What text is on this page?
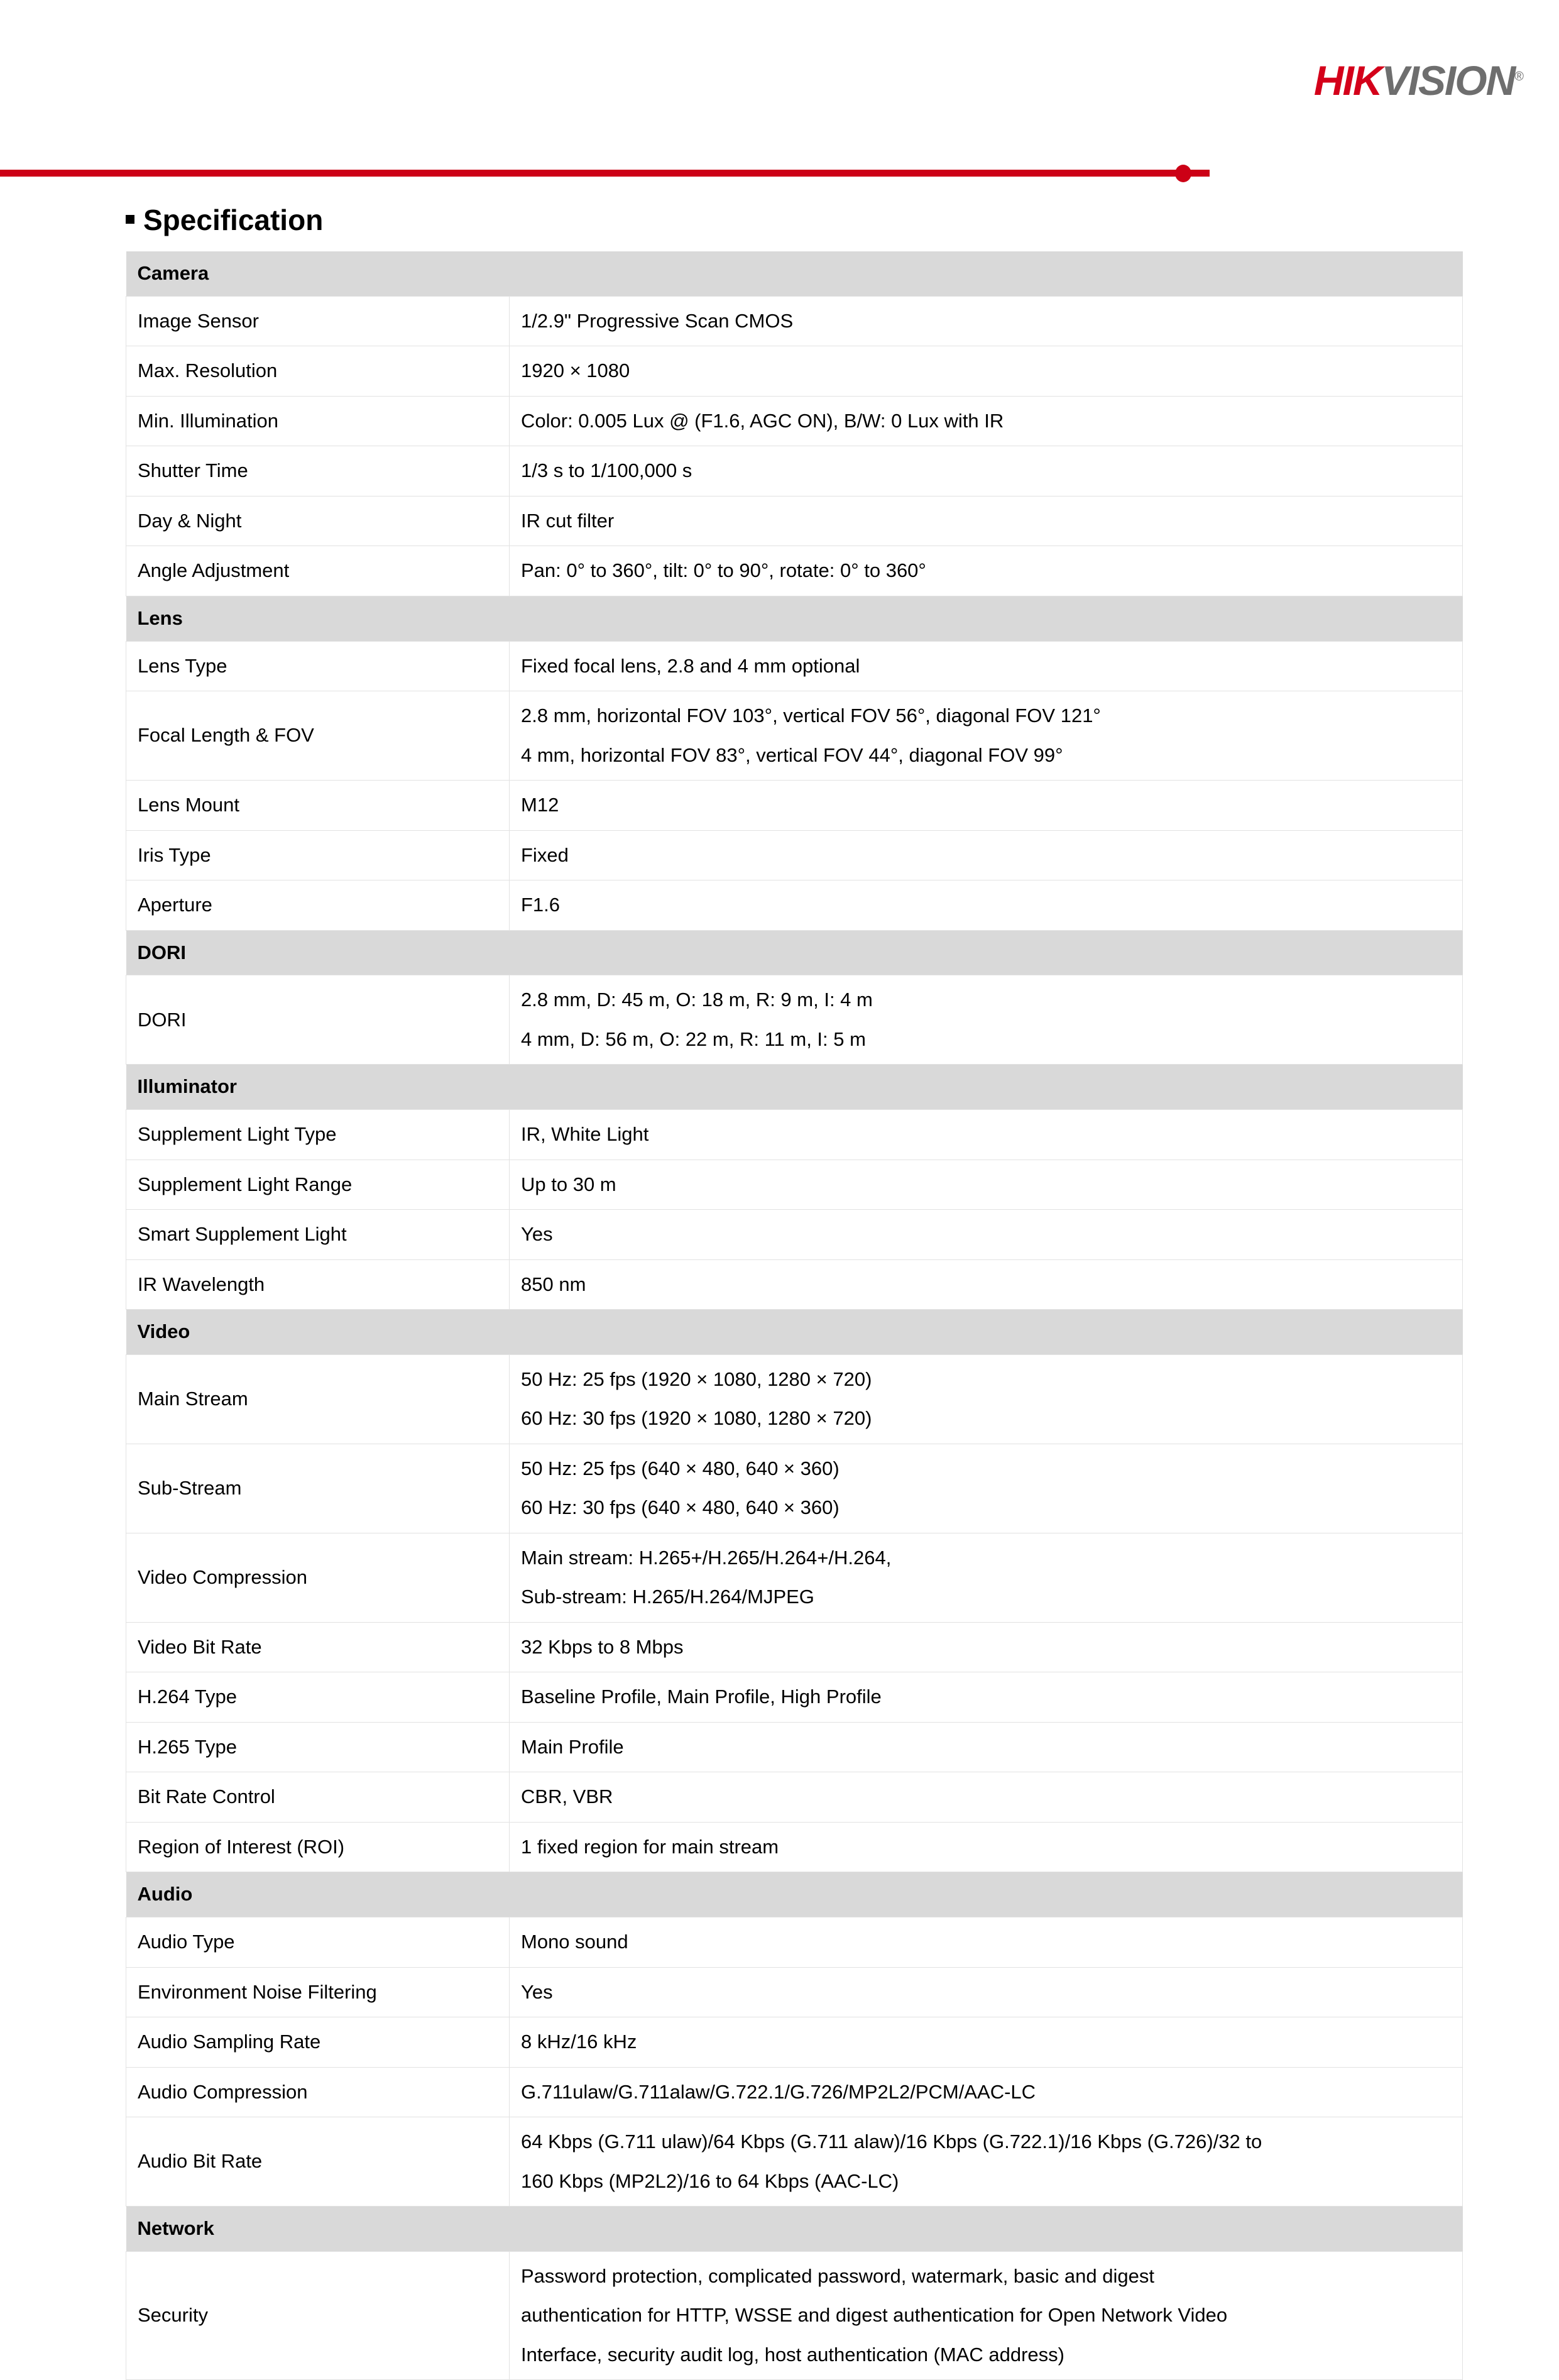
HIKVISION®
Specification
Camera	
Image Sensor	1/2.9" Progressive Scan CMOS

Max. Resolution	1920 × 1080

Min. Illumination	Color: 0.005 Lux @ (F1.6, AGC ON), B/W: 0 Lux with IR

Shutter Time	1/3 s to 1/100,000 s

Day & Night	IR cut filter

Angle Adjustment	Pan: 0° to 360°, tilt: 0° to 90°, rotate: 0° to 360°

Lens	
Lens Type	Fixed focal lens, 2.8 and 4 mm optional

Focal Length & FOV	2.8 mm, horizontal FOV 103°, vertical FOV 56°, diagonal FOV 121°
4 mm, horizontal FOV 83°, vertical FOV 44°, diagonal FOV 99°

Lens Mount	M12

Iris Type	Fixed

Aperture	F1.6

DORI	
DORI	2.8 mm, D: 45 m, O: 18 m, R: 9 m, I: 4 m
4 mm, D: 56 m, O: 22 m, R: 11 m, I: 5 m

Illuminator	
Supplement Light Type	IR, White Light

Supplement Light Range	Up to 30 m

Smart Supplement Light	Yes

IR Wavelength	850 nm

Video	
Main Stream	50 Hz: 25 fps (1920 × 1080, 1280 × 720)
60 Hz: 30 fps (1920 × 1080, 1280 × 720)

Sub-Stream	50 Hz: 25 fps (640 × 480, 640 × 360)
60 Hz: 30 fps (640 × 480, 640 × 360)

Video Compression	Main stream: H.265+/H.265/H.264+/H.264,
Sub-stream: H.265/H.264/MJPEG

Video Bit Rate	32 Kbps to 8 Mbps

H.264 Type	Baseline Profile, Main Profile, High Profile

H.265 Type	Main Profile

Bit Rate Control	CBR, VBR

Region of Interest (ROI)	1 fixed region for main stream

Audio	
Audio Type	Mono sound

Environment Noise Filtering	Yes

Audio Sampling Rate	8 kHz/16 kHz

Audio Compression	G.711ulaw/G.711alaw/G.722.1/G.726/MP2L2/PCM/AAC-LC

Audio Bit Rate	64 Kbps (G.711 ulaw)/64 Kbps (G.711 alaw)/16 Kbps (G.722.1)/16 Kbps (G.726)/32 to
160 Kbps (MP2L2)/16 to 64 Kbps (AAC-LC)

Network	
Security	Password protection, complicated password, watermark, basic and digest
authentication for HTTP, WSSE and digest authentication for Open Network Video
Interface, security audit log, host authentication (MAC address)
